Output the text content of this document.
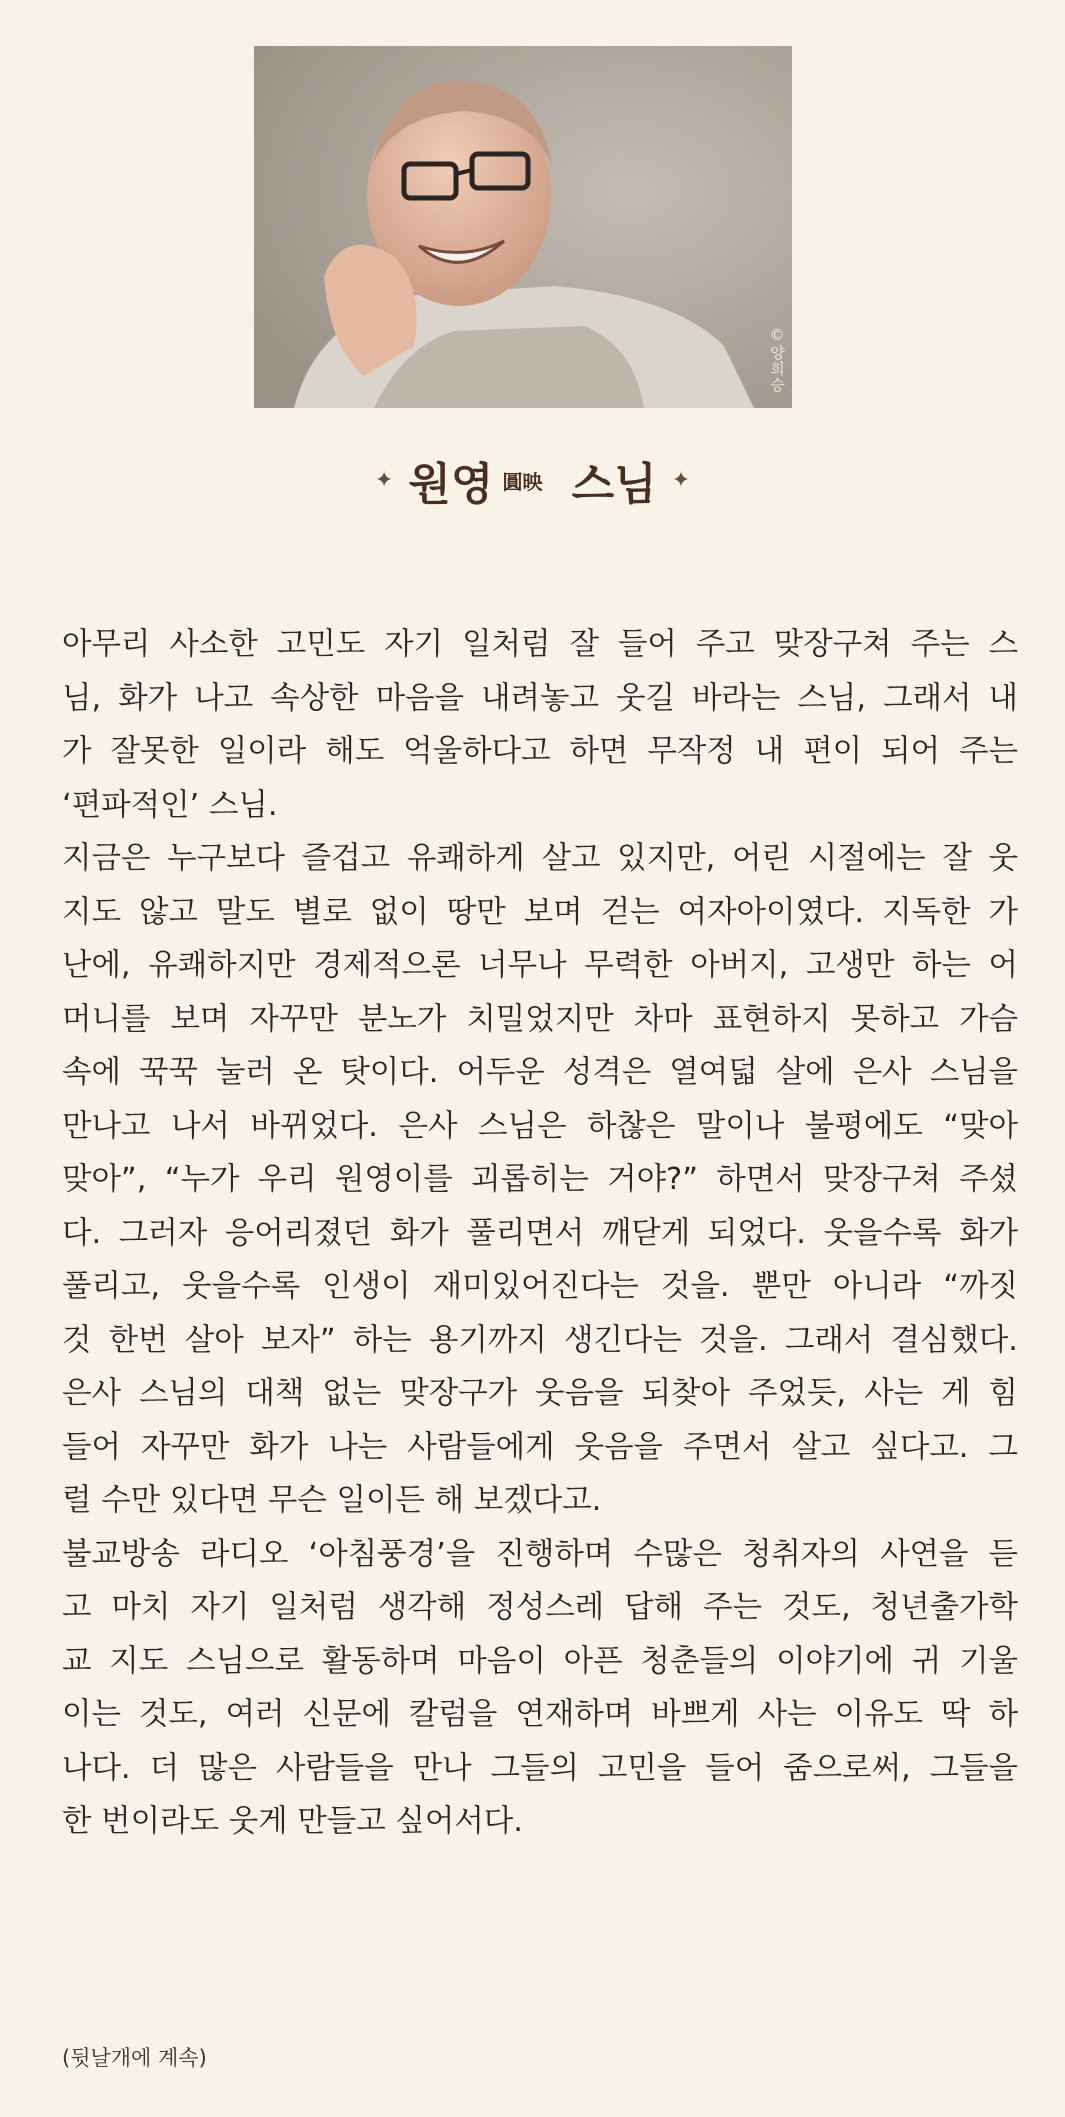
©양희승
✦ 원영 圓映 스님 ✦
아무리 사소한 고민도 자기 일처럼 잘 들어 주고 맞장구쳐 주는 스
님, 화가 나고 속상한 마음을 내려놓고 웃길 바라는 스님, 그래서 내
가 잘못한 일이라 해도 억울하다고 하면 무작정 내 편이 되어 주는
‘편파적인’ 스님.
지금은 누구보다 즐겁고 유쾌하게 살고 있지만, 어린 시절에는 잘 웃
지도 않고 말도 별로 없이 땅만 보며 걷는 여자아이였다. 지독한 가
난에, 유쾌하지만 경제적으론 너무나 무력한 아버지, 고생만 하는 어
머니를 보며 자꾸만 분노가 치밀었지만 차마 표현하지 못하고 가슴
속에 꾹꾹 눌러 온 탓이다. 어두운 성격은 열여덟 살에 은사 스님을
만나고 나서 바뀌었다. 은사 스님은 하찮은 말이나 불평에도 “맞아
맞아”, “누가 우리 원영이를 괴롭히는 거야?” 하면서 맞장구쳐 주셨
다. 그러자 응어리졌던 화가 풀리면서 깨닫게 되었다. 웃을수록 화가
풀리고, 웃을수록 인생이 재미있어진다는 것을. 뿐만 아니라 “까짓
것 한번 살아 보자” 하는 용기까지 생긴다는 것을. 그래서 결심했다.
은사 스님의 대책 없는 맞장구가 웃음을 되찾아 주었듯, 사는 게 힘
들어 자꾸만 화가 나는 사람들에게 웃음을 주면서 살고 싶다고. 그
럴 수만 있다면 무슨 일이든 해 보겠다고.
불교방송 라디오 ‘아침풍경’을 진행하며 수많은 청취자의 사연을 듣
고 마치 자기 일처럼 생각해 정성스레 답해 주는 것도, 청년출가학
교 지도 스님으로 활동하며 마음이 아픈 청춘들의 이야기에 귀 기울
이는 것도, 여러 신문에 칼럼을 연재하며 바쁘게 사는 이유도 딱 하
나다. 더 많은 사람들을 만나 그들의 고민을 들어 줌으로써, 그들을
한 번이라도 웃게 만들고 싶어서다.
(뒷날개에 계속)
